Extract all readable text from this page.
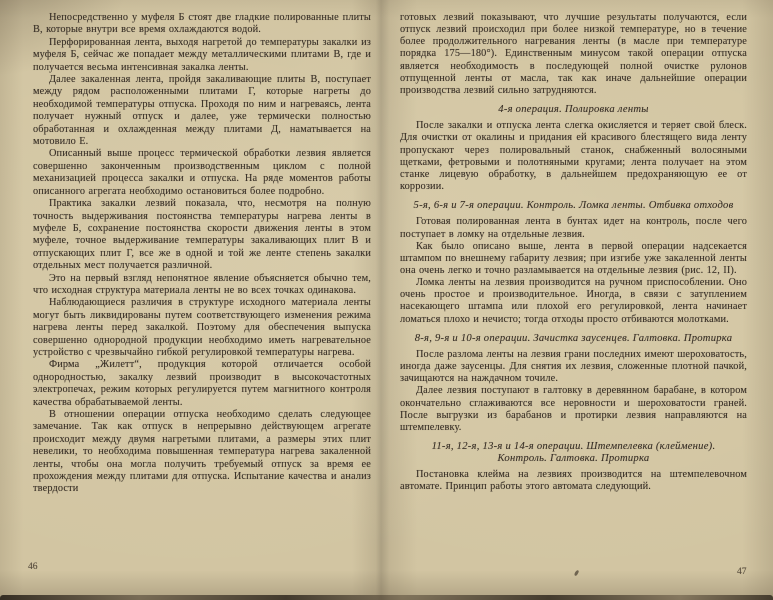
Непосредственно у муфеля Б стоят две гладкие полированные плиты В, которые внутри все время охлаждаются водой.

Перфорированная лента, выходя нагретой до температуры закалки из муфеля Б, сейчас же попадает между металлическими плитами В, где и получается весьма интенсивная закалка ленты.

Далее закаленная лента, пройдя закаливающие плиты В, поступает между рядом расположенными плитами Г, которые нагреты до необходимой температуры отпуска. Проходя по ним и нагреваясь, лента получает нужный отпуск и далее, уже термически полностью обработанная и охлажденная между плитами Д, наматывается на мотовило Е.

Описанный выше процесс термической обработки лезвия является совершенно законченным производственным циклом с полной механизацией процесса закалки и отпуска. На ряде моментов работы описанного агрегата необходимо остановиться более подробно.

Практика закалки лезвий показала, что, несмотря на полную точность выдерживания постоянства температуры нагрева ленты в муфеле Б, сохранение постоянства скорости движения ленты в этом муфеле, точное выдерживание температуры закаливающих плит В и отпускающих плит Г, все же в одной и той же ленте степень закалки отдельных мест получается различной.

Это на первый взгляд непонятное явление объясняется обычно тем, что исходная структура материала ленты не во всех точках одинакова.

Наблюдающиеся различия в структуре исходного материала ленты могут быть ликвидированы путем соответствующего изменения режима нагрева ленты перед закалкой. Поэтому для обеспечения выпуска совершенно однородной продукции необходимо иметь нагревательное устройство с чрезвычайно гибкой регулировкой температуры нагрева.

Фирма „Жилетт“, продукция которой отличается особой однородностью, закалку лезвий производит в высокочастотных электропечах, режим которых регулируется путем магнитного контроля качества обрабатываемой ленты.

В отношении операции отпуска необходимо сделать следующее замечание. Так как отпуск в непрерывно действующем агрегате происходит между двумя нагретыми плитами, а размеры этих плит невелики, то необходима повышенная температура нагрева закаленной ленты, чтобы она могла получить требуемый отпуск за время ее прохождения между плитами для отпуска. Испытание качества и анализ твердости

готовых лезвий показывают, что лучшие результаты получаются, если отпуск лезвий происходил при более низкой температуре, но в течение более продолжительного нагревания ленты (в масле при температуре порядка 175—180°). Единственным минусом такой операции отпуска является необходимость в последующей полной очистке рулонов отпущенной ленты от масла, так как иначе дальнейшие операции производства лезвий сильно затрудняются.

4-я операция. Полировка ленты

После закалки и отпуска лента слегка окисляется и теряет свой блеск. Для очистки от окалины и придания ей красивого блестящего вида ленту пропускают через полировальный станок, снабженный волосяными щетками, фетровыми и полотняными кругами; лента получает на этом станке лицевую обработку, в дальнейшем предохраняющую ее от коррозии.

5-я, 6-я и 7-я операции. Контроль. Ломка ленты. Отбивка отходов

Готовая полированная лента в бунтах идет на контроль, после чего поступает в ломку на отдельные лезвия.

Как было описано выше, лента в первой операции надсекается штампом по внешнему габариту лезвия; при изгибе уже закаленной ленты она очень легко и точно разламывается на отдельные лезвия (рис. 12, II).

Ломка ленты на лезвия производится на ручном приспособлении. Оно очень простое и производительное. Иногда, в связи с затуплением насекающего штампа или плохой его регулировкой, лента начинает ломаться плохо и нечисто; тогда отходы просто отбиваются молотками.

8-я, 9-я и 10-я операции. Зачистка заусенцев. Галтовка. Протирка

После разлома ленты на лезвия грани последних имеют шероховатость, иногда даже заусенцы. Для снятия их лезвия, сложенные плотной пачкой, зачищаются на наждачном точиле.

Далее лезвия поступают в галтовку в деревянном барабане, в котором окончательно сглаживаются все неровности и шероховатости граней. После выгрузки из барабанов и протирки лезвия направляются на штемпелевку.

11-я, 12-я, 13-я и 14-я операции. Штемпелевка (клеймение). Контроль. Галтовка. Протирка

Постановка клейма на лезвиях производится на штемпелевочном автомате. Принцип работы этого автомата следующий.

46	47
